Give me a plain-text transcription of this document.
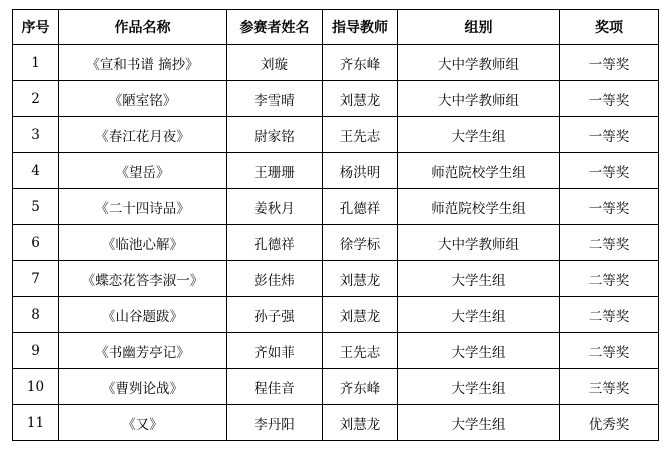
序号	作品名称	参赛者姓名	指导教师	组别	奖项
1	《宣和书谱 摘抄》	刘璇	齐东峰	大中学教师组	一等奖
2	《陋室铭》	李雪晴	刘慧龙	大中学教师组	一等奖
3	《春江花月夜》	尉家铭	王先志	大学生组	一等奖
4	《望岳》	王珊珊	杨洪明	师范院校学生组	一等奖
5	《二十四诗品》	姜秋月	孔德祥	师范院校学生组	一等奖
6	《临池心解》	孔德祥	徐学标	大中学教师组	二等奖
7	《蝶恋花答李淑一》	彭佳炜	刘慧龙	大学生组	二等奖
8	《山谷题跋》	孙子强	刘慧龙	大学生组	二等奖
9	《书幽芳亭记》	齐如菲	王先志	大学生组	二等奖
10	《曹刿论战》	程佳音	齐东峰	大学生组	三等奖
11	《又》	李丹阳	刘慧龙	大学生组	优秀奖
